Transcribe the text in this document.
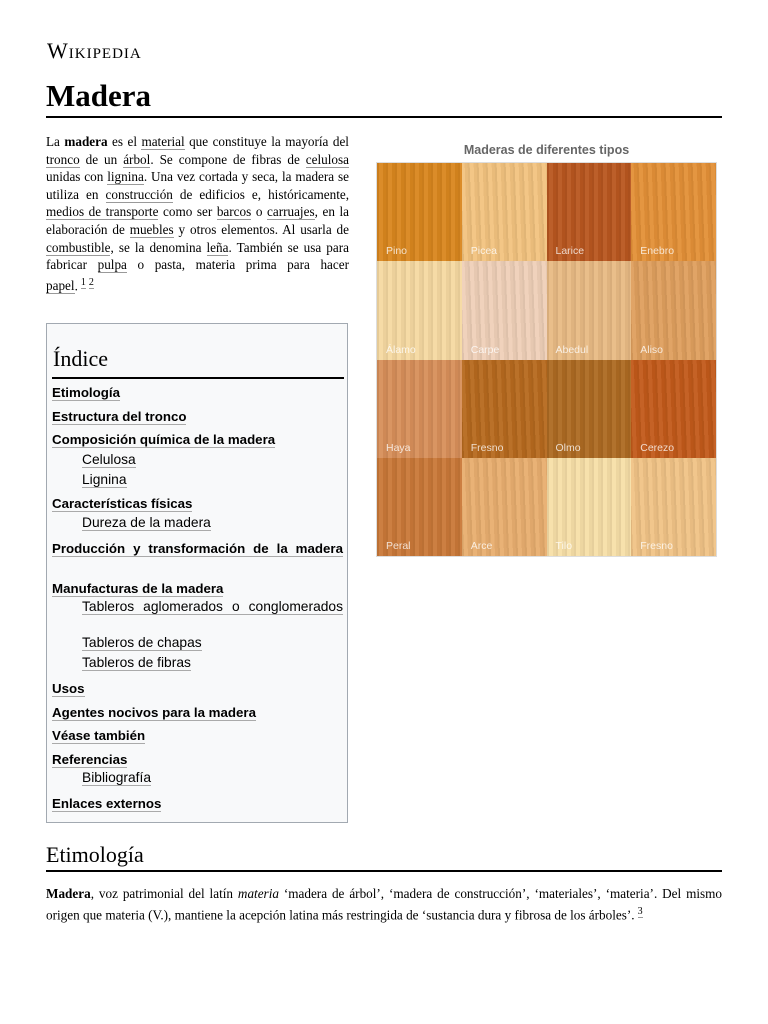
Wikipedia
Madera
La madera es el material que constituye la mayoría del tronco de un árbol. Se compone de fibras de celulosa unidas con lignina. Una vez cortada y seca, la madera se utiliza en construcción de edificios e, históricamente, medios de transporte como ser barcos o carruajes, en la elaboración de muebles y otros elementos. Al usarla de combustible, se la denomina leña. También se usa para fabricar pulpa o pasta, materia prima para hacer papel. $^1$ $^2$
Índice
Etimología
Estructura del tronco
Composición química de la madera
Celulosa
Lignina
Características físicas
Dureza de la madera
Producción y transformación de la madera
Manufacturas de la madera
Tableros aglomerados o conglomerados
Tableros de chapas
Tableros de fibras
Usos
Agentes nocivos para la madera
Véase también
Referencias
Bibliografía
Enlaces externos
Maderas de diferentes tipos
Pino	Picea	Larice	Enebro
Álamo	Carpe	Abedul	Aliso
Haya	Fresno	Olmo	Cerezo
Peral	Arce	Tilo	Fresno
Etimología
Madera, voz patrimonial del latín materia ‘madera de árbol’, ‘madera de construcción’, ‘materiales’, ‘materia’. Del mismo origen que materia (V.), mantiene la acepción latina más restringida de ‘sustancia dura y fibrosa de los árboles’. $^3$
